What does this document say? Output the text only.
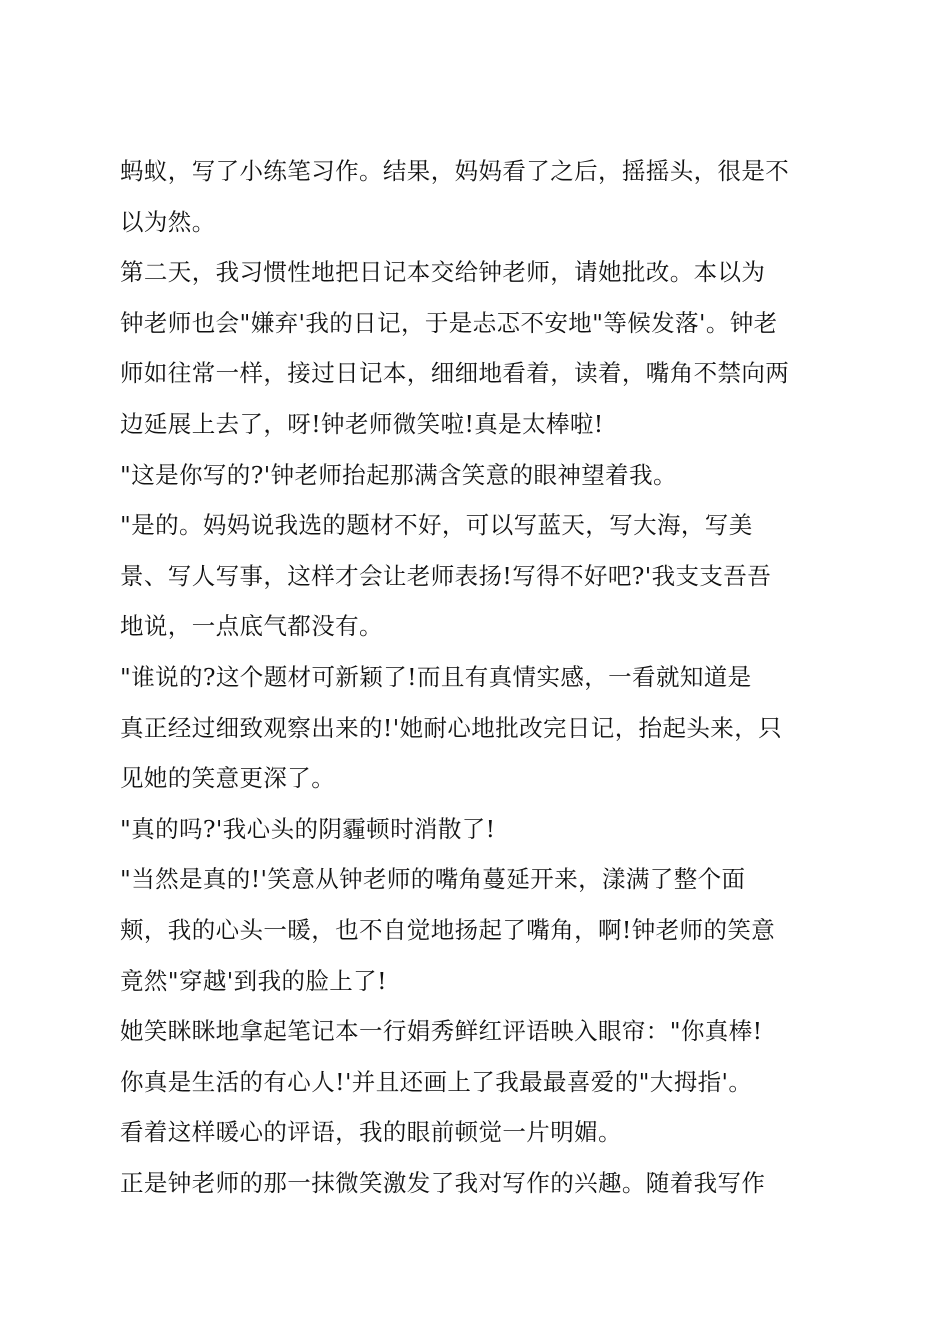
蚂蚁，写了小练笔习作。结果，妈妈看了之后，摇摇头，很是不
以为然。
第二天，我习惯性地把日记本交给钟老师，请她批改。本以为
钟老师也会"嫌弃'我的日记，于是忐忑不安地"等候发落'。钟老
师如往常一样，接过日记本，细细地看着，读着，嘴角不禁向两
边延展上去了，呀!钟老师微笑啦!真是太棒啦!
"这是你写的?'钟老师抬起那满含笑意的眼神望着我。
"是的。妈妈说我选的题材不好，可以写蓝天，写大海，写美
景、写人写事，这样才会让老师表扬!写得不好吧?'我支支吾吾
地说，一点底气都没有。
"谁说的?这个题材可新颖了!而且有真情实感，一看就知道是
真正经过细致观察出来的!'她耐心地批改完日记，抬起头来，只
见她的笑意更深了。
"真的吗?'我心头的阴霾顿时消散了!
"当然是真的!'笑意从钟老师的嘴角蔓延开来，漾满了整个面
颊，我的心头一暖，也不自觉地扬起了嘴角，啊!钟老师的笑意
竟然"穿越'到我的脸上了!
她笑眯眯地拿起笔记本一行娟秀鲜红评语映入眼帘："你真棒!
你真是生活的有心人!'并且还画上了我最最喜爱的"大拇指'。
看着这样暖心的评语，我的眼前顿觉一片明媚。
正是钟老师的那一抹微笑激发了我对写作的兴趣。随着我写作
